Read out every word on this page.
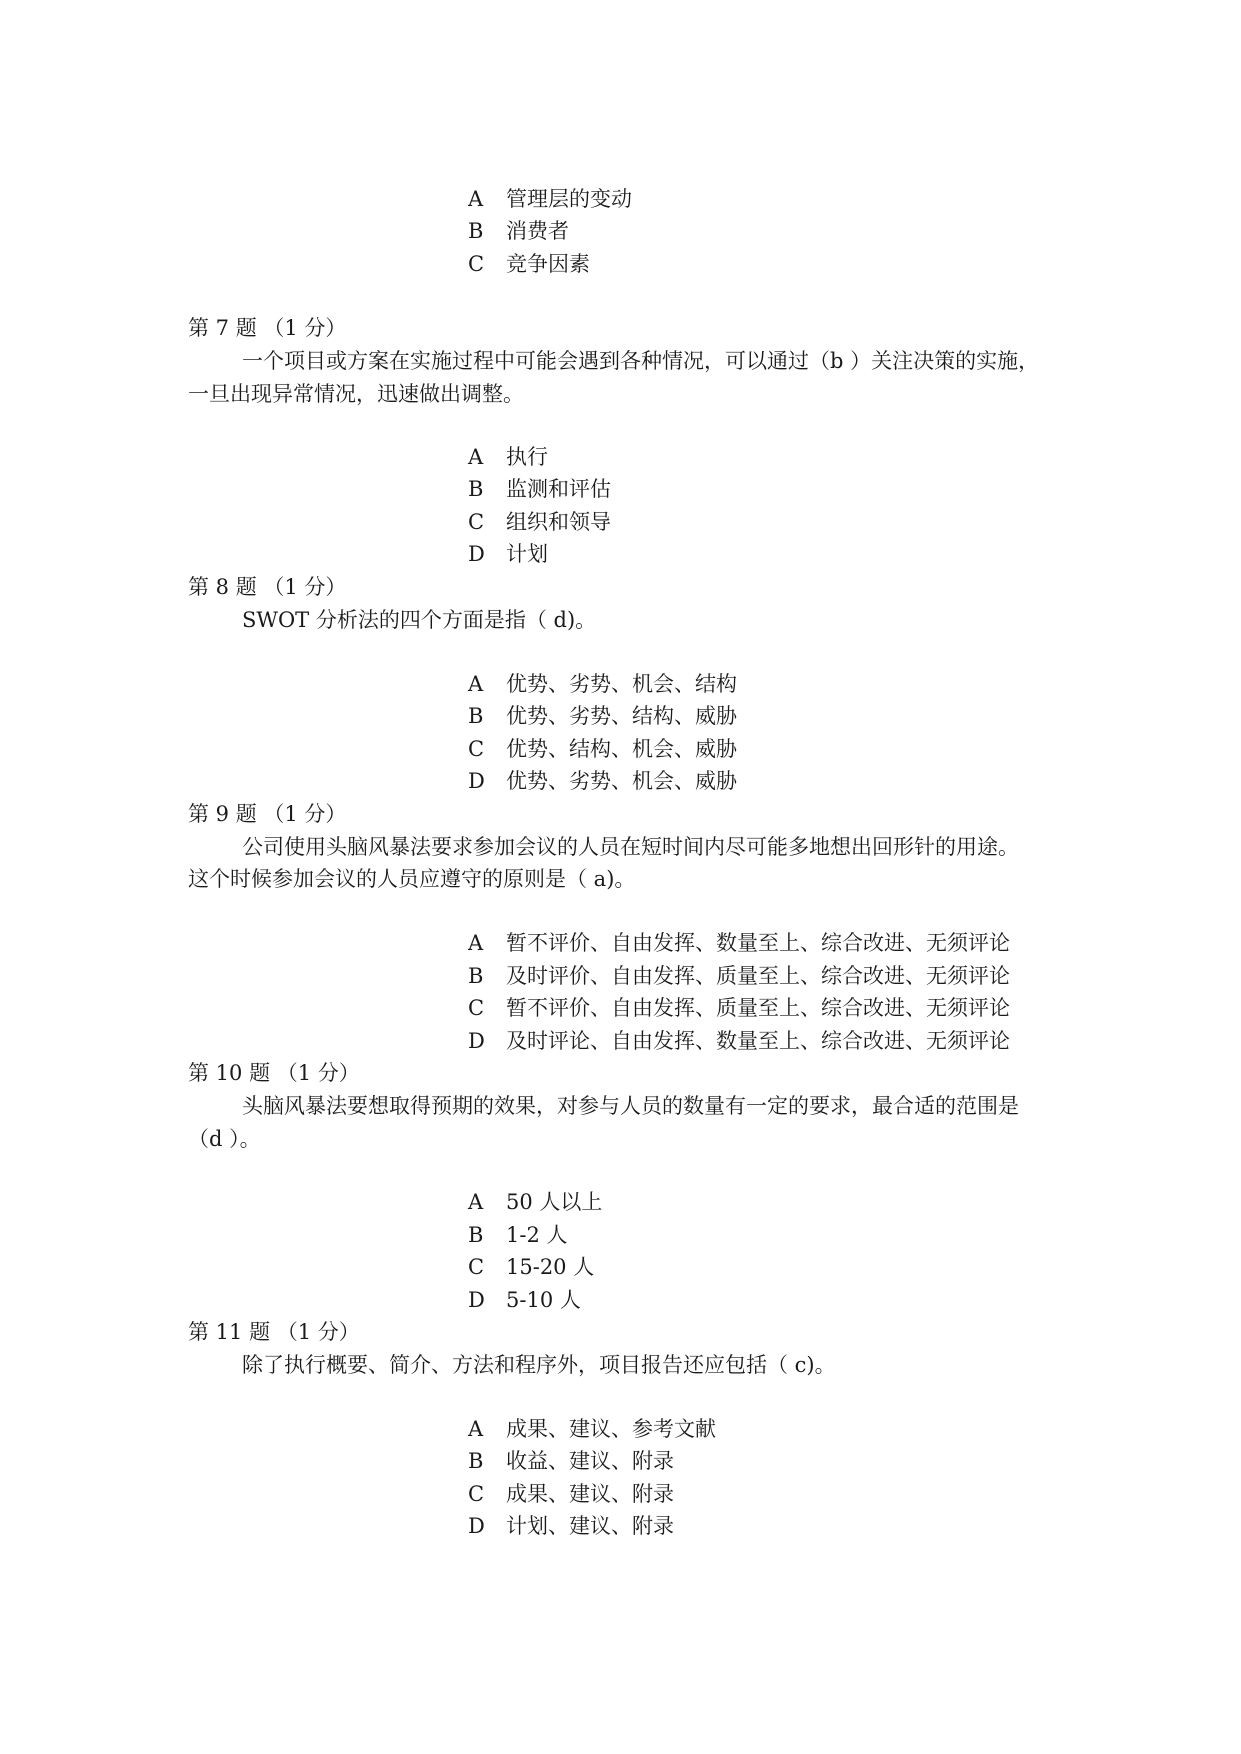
A	管理层的变动
B	消费者
C	竞争因素
第 7 题 （1 分）
一个项目或方案在实施过程中可能会遇到各种情况，可以通过（b ）关注决策的实施，
一旦出现异常情况，迅速做出调整。
A	执行
B	监测和评估
C	组织和领导
D	计划
第 8 题 （1 分）
SWOT 分析法的四个方面是指（ d)。
A	优势、劣势、机会、结构
B	优势、劣势、结构、威胁
C	优势、结构、机会、威胁
D	优势、劣势、机会、威胁
第 9 题 （1 分）
公司使用头脑风暴法要求参加会议的人员在短时间内尽可能多地想出回形针的用途。
这个时候参加会议的人员应遵守的原则是（ a)。
A	暂不评价、自由发挥、数量至上、综合改进、无须评论
B	及时评价、自由发挥、质量至上、综合改进、无须评论
C	暂不评价、自由发挥、质量至上、综合改进、无须评论
D	及时评论、自由发挥、数量至上、综合改进、无须评论
第 10 题 （1 分）
头脑风暴法要想取得预期的效果，对参与人员的数量有一定的要求，最合适的范围是
（d ）。
A	50 人以上
B	1-2 人
C	15-20 人
D	5-10 人
第 11 题 （1 分）
除了执行概要、简介、方法和程序外，项目报告还应包括（ c)。
A	成果、建议、参考文献
B	收益、建议、附录
C	成果、建议、附录
D	计划、建议、附录
